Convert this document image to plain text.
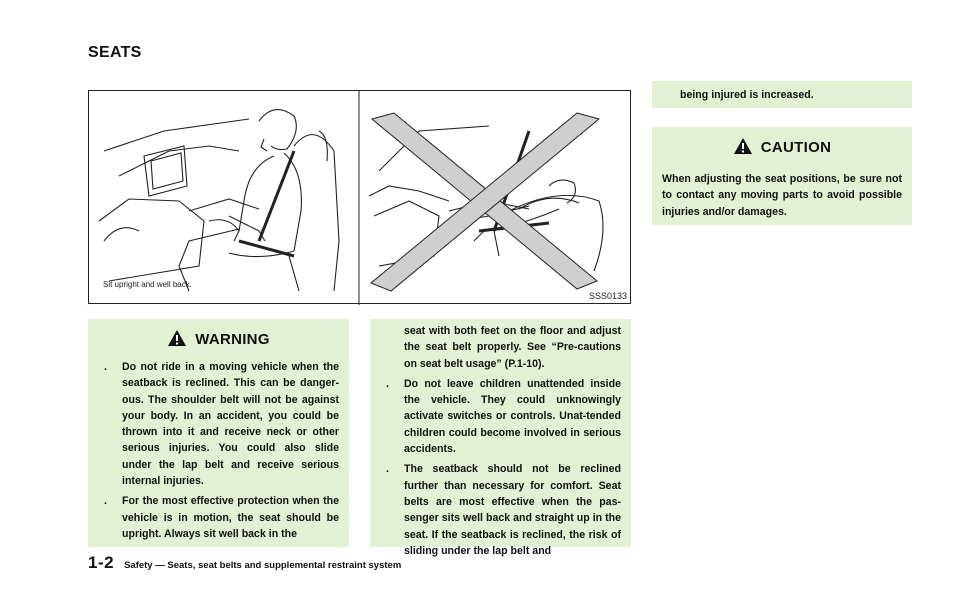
SEATS
Sit upright and well back.
SSS0133
WARNING
. Do not ride in a moving vehicle when the seatback is reclined. This can be danger-ous. The shoulder belt will not be against your body. In an accident, you could be thrown into it and receive neck or other serious injuries. You could also slide under the lap belt and receive serious internal injuries.
. For the most effective protection when the vehicle is in motion, the seat should be upright. Always sit well back in the
seat with both feet on the floor and adjust the seat belt properly. See “Pre-cautions on seat belt usage” (P.1-10).
. Do not leave children unattended inside the vehicle. They could unknowingly activate switches or controls. Unat-tended children could become involved in serious accidents.
. The seatback should not be reclined further than necessary for comfort. Seat belts are most effective when the pas-senger sits well back and straight up in the seat. If the seatback is reclined, the risk of sliding under the lap belt and
being injured is increased.
CAUTION
When adjusting the seat positions, be sure not to contact any moving parts to avoid possible injuries and/or damages.
1-2 Safety — Seats, seat belts and supplemental restraint system
